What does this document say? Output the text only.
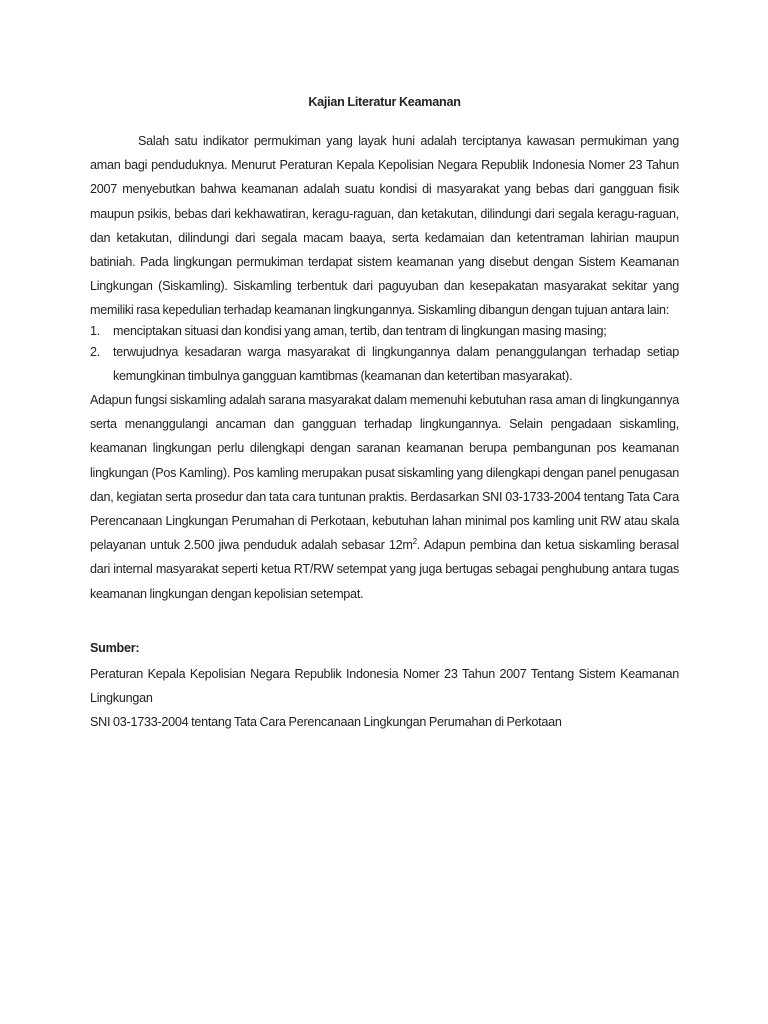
Kajian Literatur Keamanan

Salah satu indikator permukiman yang layak huni adalah terciptanya kawasan permukiman yang aman bagi penduduknya. Menurut Peraturan Kepala Kepolisian Negara Republik Indonesia Nomer 23 Tahun 2007 menyebutkan bahwa keamanan adalah suatu kondisi di masyarakat yang bebas dari gangguan fisik maupun psikis, bebas dari kekhawatiran, keragu-raguan, dan ketakutan, dilindungi dari segala keragu-raguan, dan ketakutan, dilindungi dari segala macam baaya, serta kedamaian dan ketentraman lahirian maupun batiniah. Pada lingkungan permukiman terdapat sistem keamanan yang disebut dengan Sistem Keamanan Lingkungan (Siskamling). Siskamling terbentuk dari paguyuban dan kesepakatan masyarakat sekitar yang memiliki rasa kepedulian terhadap keamanan lingkungannya. Siskamling dibangun dengan tujuan antara lain:

1.	menciptakan situasi dan kondisi yang aman, tertib, dan tentram di lingkungan masing masing;
2.	terwujudnya kesadaran warga masyarakat di lingkungannya dalam penanggulangan terhadap setiap kemungkinan timbulnya gangguan kamtibmas (keamanan dan ketertiban masyarakat).

Adapun fungsi siskamling adalah sarana masyarakat dalam memenuhi kebutuhan rasa aman di lingkungannya serta menanggulangi ancaman dan gangguan terhadap lingkungannya. Selain pengadaan siskamling, keamanan lingkungan perlu dilengkapi dengan saranan keamanan berupa pembangunan pos keamanan lingkungan (Pos Kamling). Pos kamling merupakan pusat siskamling yang dilengkapi dengan panel penugasan dan, kegiatan serta prosedur dan tata cara tuntunan praktis. Berdasarkan SNI 03-1733-2004 tentang Tata Cara Perencanaan Lingkungan Perumahan di Perkotaan, kebutuhan lahan minimal pos kamling unit RW atau skala pelayanan untuk 2.500 jiwa penduduk adalah sebasar $12m^2$. Adapun pembina dan ketua siskamling berasal dari internal masyarakat seperti ketua RT/RW setempat yang juga bertugas sebagai penghubung antara tugas keamanan lingkungan dengan kepolisian setempat.

Sumber:

Peraturan Kepala Kepolisian Negara Republik Indonesia Nomer 23 Tahun 2007 Tentang Sistem Keamanan Lingkungan

SNI 03-1733-2004 tentang Tata Cara Perencanaan Lingkungan Perumahan di Perkotaan
